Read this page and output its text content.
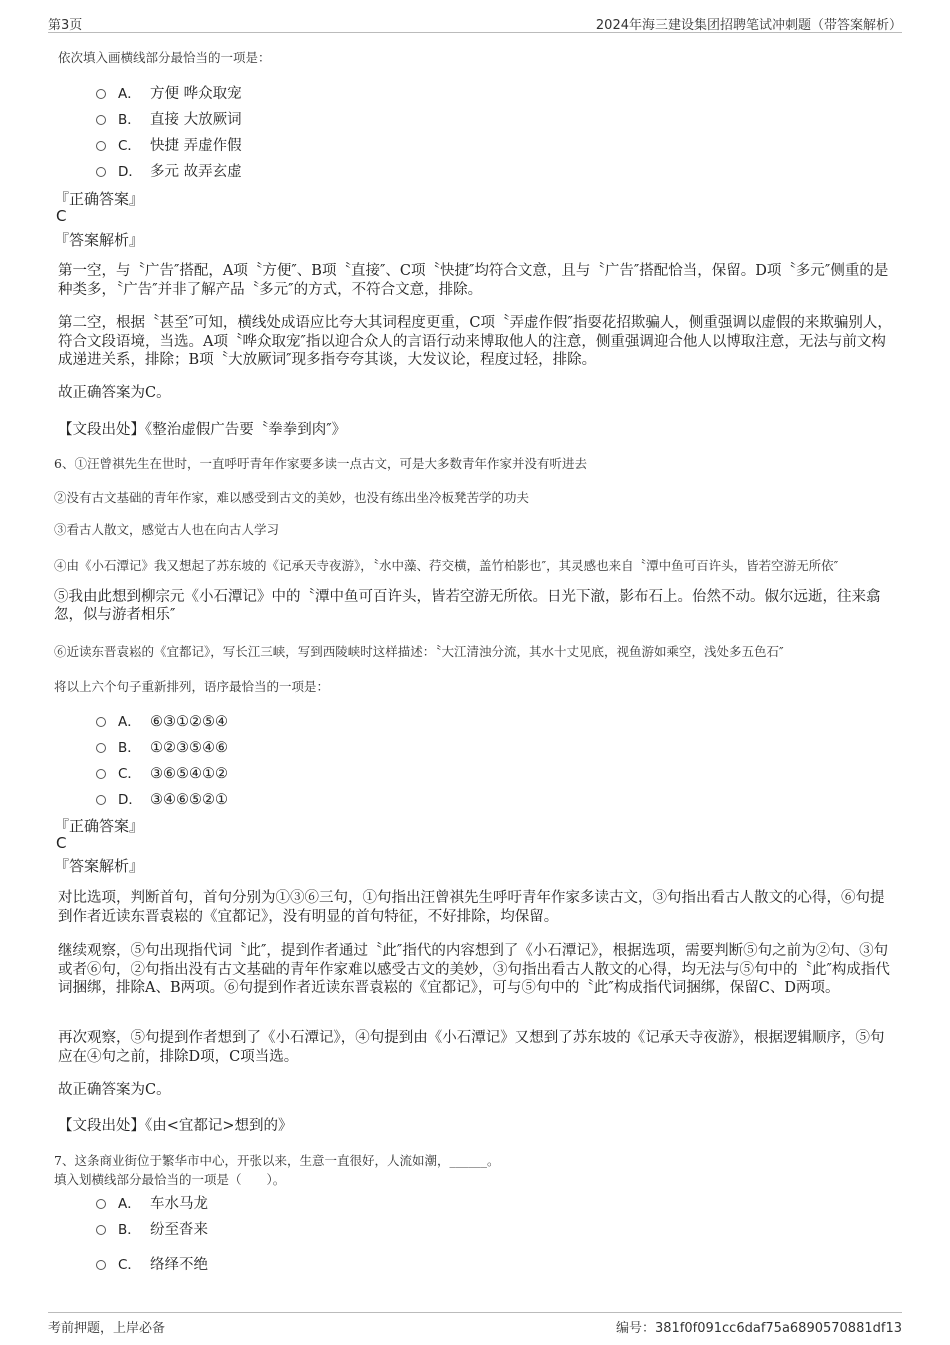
第3页	2024年海三建设集团招聘笔试冲刺题（带答案解析）
依次填入画横线部分最恰当的一项是：
A． 方便 哗众取宠
B． 直接 大放厥词
C． 快捷 弄虚作假
D． 多元 故弄玄虚
『正确答案』
C
『答案解析』
第一空，与〝广告″搭配，A项〝方便″、B项〝直接″、C项〝快捷″均符合文意，且与〝广告″搭配恰当，保留。D项〝多元″侧重的是种类多，〝广告″并非了解产品〝多元″的方式，不符合文意，排除。
第二空，根据〝甚至″可知，横线处成语应比夸大其词程度更重，C项〝弄虚作假″指耍花招欺骗人，侧重强调以虚假的来欺骗别人，符合文段语境，当选。A项〝哗众取宠″指以迎合众人的言语行动来博取他人的注意，侧重强调迎合他人以博取注意，无法与前文构成递进关系，排除；B项〝大放厥词″现多指夸夸其谈，大发议论，程度过轻，排除。
故正确答案为C。
【文段出处】《整治虚假广告要〝拳拳到肉″》
6、①汪曾祺先生在世时，一直呼吁青年作家要多读一点古文，可是大多数青年作家并没有听进去
②没有古文基础的青年作家，难以感受到古文的美妙，也没有练出坐冷板凳苦学的功夫
③看古人散文，感觉古人也在向古人学习
④由《小石潭记》我又想起了苏东坡的《记承天寺夜游》，〝水中藻、荇交横，盖竹柏影也″，其灵感也来自〝潭中鱼可百许头，皆若空游无所依″
⑤我由此想到柳宗元《小石潭记》中的〝潭中鱼可百许头，皆若空游无所依。日光下澈，影布石上。佁然不动。俶尔远逝，往来翕忽，似与游者相乐″
⑥近读东晋袁崧的《宜都记》，写长江三峡，写到西陵峡时这样描述：〝大江清浊分流，其水十丈见底，视鱼游如乘空，浅处多五色石″
将以上六个句子重新排列，语序最恰当的一项是：
A． ⑥③①②⑤④
B． ①②③⑤④⑥
C． ③⑥⑤④①②
D． ③④⑥⑤②①
『正确答案』
C
『答案解析』
对比选项，判断首句，首句分别为①③⑥三句，①句指出汪曾祺先生呼吁青年作家多读古文，③句指出看古人散文的心得，⑥句提到作者近读东晋袁崧的《宜都记》，没有明显的首句特征，不好排除，均保留。
继续观察，⑤句出现指代词〝此″，提到作者通过〝此″指代的内容想到了《小石潭记》，根据选项，需要判断⑤句之前为②句、③句或者⑥句，②句指出没有古文基础的青年作家难以感受古文的美妙，③句指出看古人散文的心得，均无法与⑤句中的〝此″构成指代词捆绑，排除A、B两项。⑥句提到作者近读东晋袁崧的《宜都记》，可与⑤句中的〝此″构成指代词捆绑，保留C、D两项。
再次观察，⑤句提到作者想到了《小石潭记》，④句提到由《小石潭记》又想到了苏东坡的《记承天寺夜游》，根据逻辑顺序，⑤句应在④句之前，排除D项，C项当选。
故正确答案为C。
【文段出处】《由<宜都记>想到的》
7、这条商业街位于繁华市中心，开张以来，生意一直很好，人流如潮，______。
填入划横线部分最恰当的一项是（　　）。
A． 车水马龙
B． 纷至沓来
C． 络绎不绝
考前押题，上岸必备	编号：381f0f091cc6daf75a6890570881df13
